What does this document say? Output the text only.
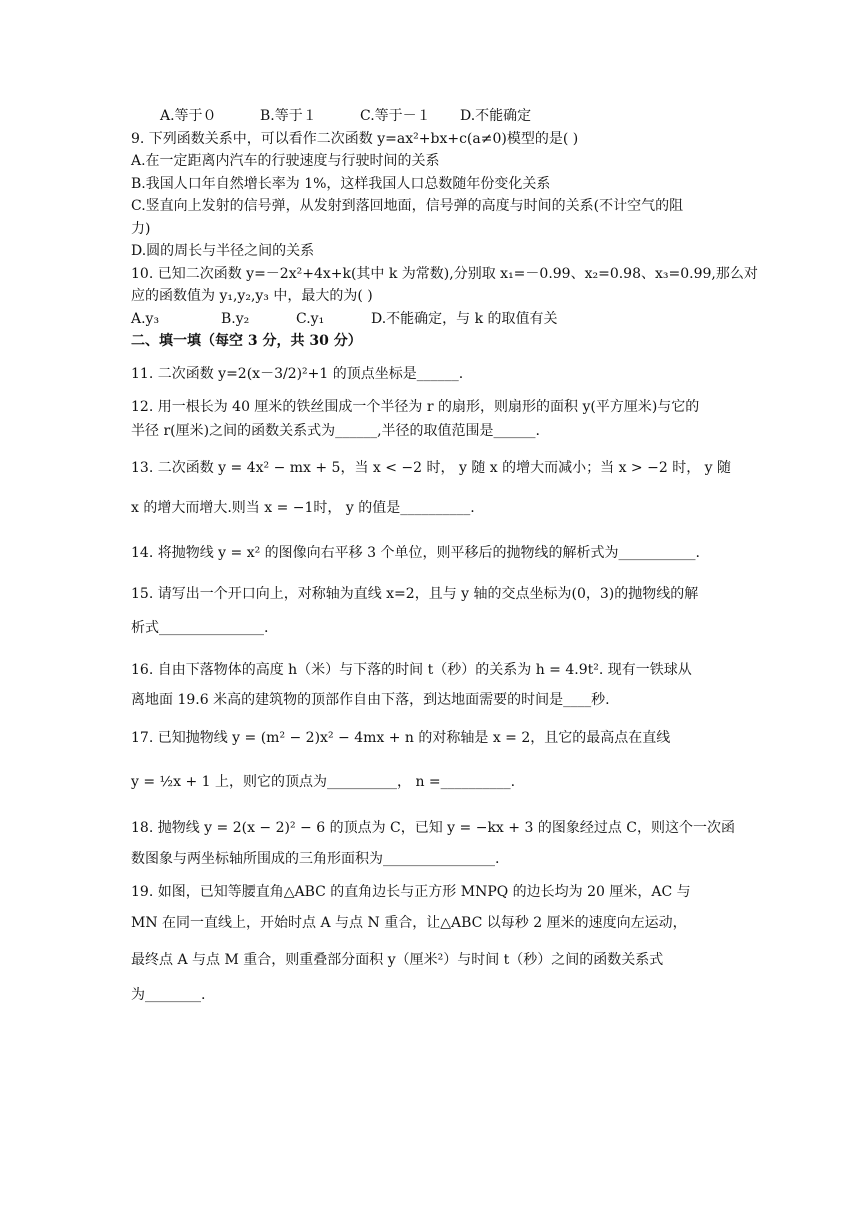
A.等于０	B.等于１	C.等于－１ D.不能确定
9. 下列函数关系中，可以看作二次函数 y=ax²+bx+c(a≠0)模型的是( )
A.在一定距离内汽车的行驶速度与行驶时间的关系
B.我国人口年自然增长率为 1%，这样我国人口总数随年份变化关系
C.竖直向上发射的信号弹，从发射到落回地面，信号弹的高度与时间的关系(不计空气的阻
力)
D.圆的周长与半径之间的关系
10. 已知二次函数 y=－2x²+4x+k(其中 k 为常数),分别取 x₁=－0.99、x₂=0.98、x₃=0.99,那么对
应的函数值为 y₁,y₂,y₃ 中，最大的为( )
A.y₃	B.y₂	C.y₁	D.不能确定，与 k 的取值有关
二、填一填（每空 3 分，共 30 分）
11. 二次函数 y=2(x－3/2)²+1 的顶点坐标是______.
12. 用一根长为 40 厘米的铁丝围成一个半径为 r 的扇形，则扇形的面积 y(平方厘米)与它的
半径 r(厘米)之间的函数关系式为______,半径的取值范围是______.
13. 二次函数 y = 4x² − mx + 5，当 x < −2 时， y 随 x 的增大而减小；当 x > −2 时， y 随
x 的增大而增大.则当 x = −1时， y 的值是__________.
14. 将抛物线 y = x² 的图像向右平移 3 个单位，则平移后的抛物线的解析式为___________.
15. 请写出一个开口向上，对称轴为直线 x=2，且与 y 轴的交点坐标为(0，3)的抛物线的解
析式_______________.
16. 自由下落物体的高度 h（米）与下落的时间 t（秒）的关系为 h = 4.9t². 现有一铁球从
离地面 19.6 米高的建筑物的顶部作自由下落，到达地面需要的时间是____秒.
17. 已知抛物线 y = (m² − 2)x² − 4mx + n 的对称轴是 x = 2，且它的最高点在直线
y = ½x + 1 上，则它的顶点为__________， n =__________.
18. 抛物线 y = 2(x − 2)² − 6 的顶点为 C，已知 y = −kx + 3 的图象经过点 C，则这个一次函
数图象与两坐标轴所围成的三角形面积为________________.
19. 如图，已知等腰直角△ABC 的直角边长与正方形 MNPQ 的边长均为 20 厘米，AC 与
MN 在同一直线上，开始时点 A 与点 N 重合，让△ABC 以每秒 2 厘米的速度向左运动，
最终点 A 与点 M 重合，则重叠部分面积 y（厘米²）与时间 t（秒）之间的函数关系式
为________.
